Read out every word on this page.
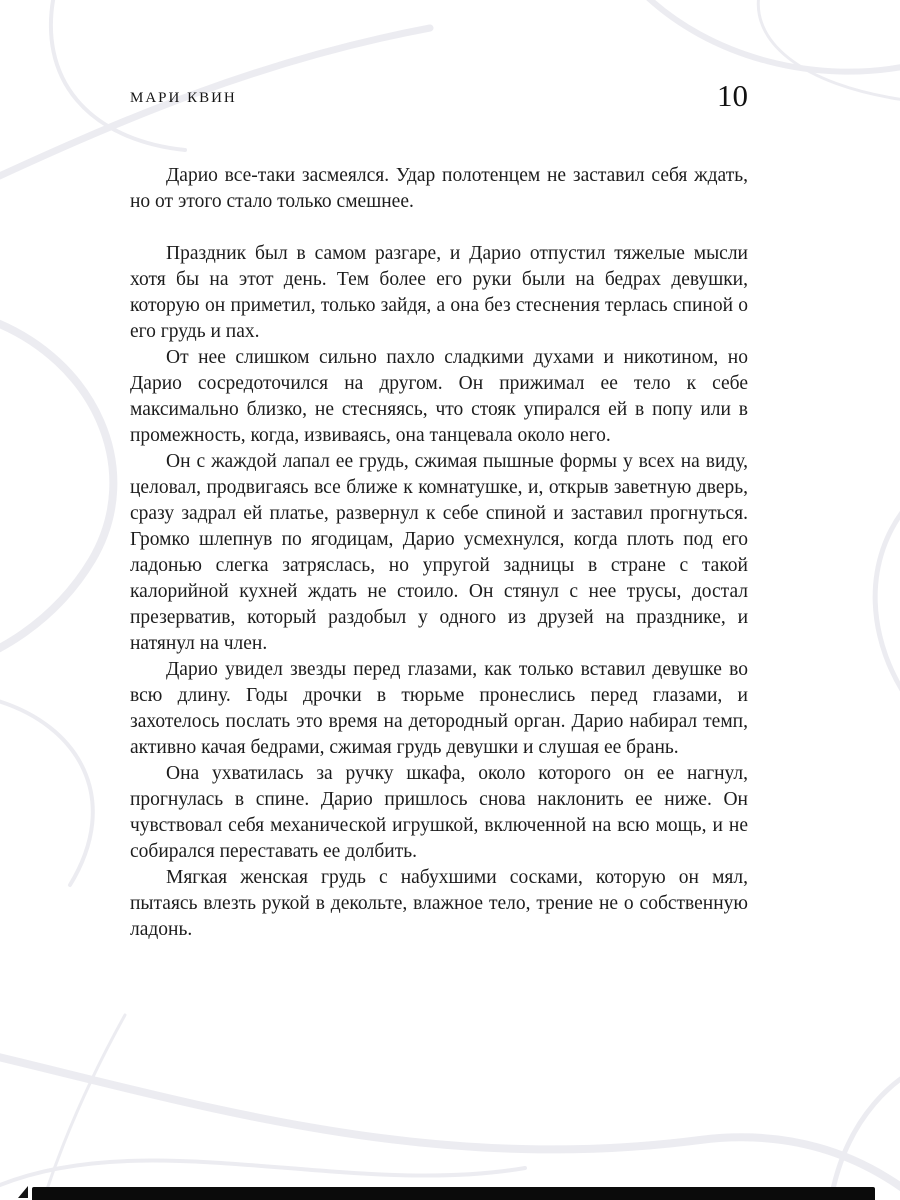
МАРИ КВИН	10

Дарио все-таки засмеялся. Удар полотенцем не заставил себя ждать, но от этого стало только смешнее.

Праздник был в самом разгаре, и Дарио отпустил тяжелые мысли хотя бы на этот день. Тем более его руки были на бедрах девушки, которую он приметил, только зайдя, а она без стеснения терлась спиной о его грудь и пах.

От нее слишком сильно пахло сладкими духами и никотином, но Дарио сосредоточился на другом. Он прижимал ее тело к себе максимально близко, не стесняясь, что стояк упирался ей в попу или в промежность, когда, извиваясь, она танцевала около него.

Он с жаждой лапал ее грудь, сжимая пышные формы у всех на виду, целовал, продвигаясь все ближе к комнатушке, и, открыв заветную дверь, сразу задрал ей платье, развернул к себе спиной и заставил прогнуться. Громко шлепнув по ягодицам, Дарио усмехнулся, когда плоть под его ладонью слегка затряслась, но упругой задницы в стране с такой калорийной кухней ждать не стоило. Он стянул с нее трусы, достал презерватив, который раздобыл у одного из друзей на празднике, и натянул на член.

Дарио увидел звезды перед глазами, как только вставил девушке во всю длину. Годы дрочки в тюрьме пронеслись перед глазами, и захотелось послать это время на детородный орган. Дарио набирал темп, активно качая бедрами, сжимая грудь девушки и слушая ее брань.

Она ухватилась за ручку шкафа, около которого он ее нагнул, прогнулась в спине. Дарио пришлось снова наклонить ее ниже. Он чувствовал себя механической игрушкой, включенной на всю мощь, и не собирался переставать ее долбить.

Мягкая женская грудь с набухшими сосками, которую он мял, пытаясь влезть рукой в декольте, влажное тело, трение не о собственную ладонь.
